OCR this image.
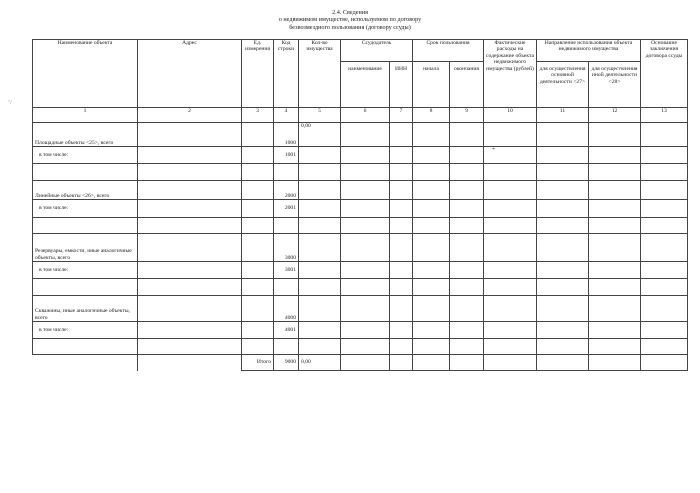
2.4. Сведения
о недвижимом имуществе, используемом по договору
безвозмездного пользования (договору ссуды)
ʻ/
Наименование объекта	Адрес	Ед. измерения	Код строки	Кол-во имущества	Ссудодатель		Срок пользования		Фактические расходы на содержание объекта недвижимого имущества (рублей)	Направление использования объекта недвижимого имущества		Основание заключения договора ссуды
					наименование	ИНН	начала	окончания		для осуществления основной деятельности <27>	для осуществления иной деятельности <28>	
1	2	3	4	5	6	7	8	9	10	11	12	13
Площадные объекты <25>, всего			1000	0,00								
в том числе:			1001						*			

Линейные объекты <26>, всего			2000									
в том числе:			2001									

Резервуары, емкости, иные аналогичные объекты, всего			3000									
в том числе:			3001									

Скважины, иные аналогичные объекты, всего			4000									
в том числе:			4001									

		Итого	9000	0,00								
